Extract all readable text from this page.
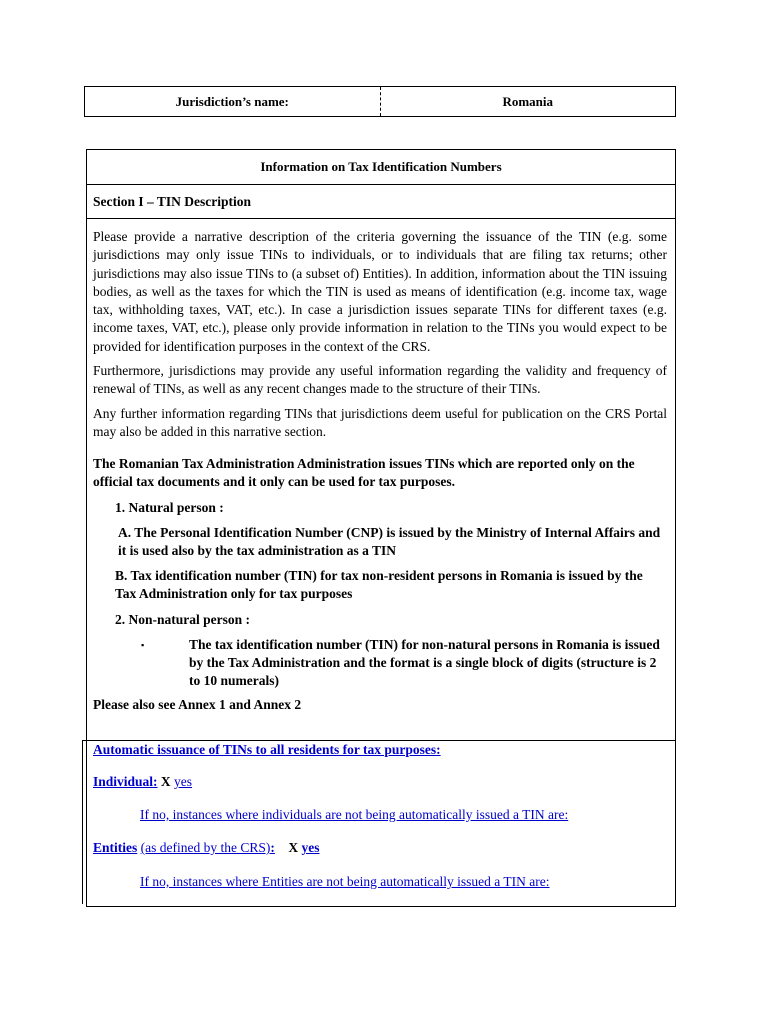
Jurisdiction’s name:	Romania
Information on Tax Identification Numbers
Section I – TIN Description

Please provide a narrative description of the criteria governing the issuance of the TIN (e.g. some jurisdictions may only issue TINs to individuals, or to individuals that are filing tax returns; other jurisdictions may also issue TINs to (a subset of) Entities). In addition, information about the TIN issuing bodies, as well as the taxes for which the TIN is used as means of identification (e.g. income tax, wage tax, withholding taxes, VAT, etc.). In case a jurisdiction issues separate TINs for different taxes (e.g. income taxes, VAT, etc.), please only provide information in relation to the TINs you would expect to be provided for identification purposes in the context of the CRS.

Furthermore, jurisdictions may provide any useful information regarding the validity and frequency of renewal of TINs, as well as any recent changes made to the structure of their TINs.

Any further information regarding TINs that jurisdictions deem useful for publication on the CRS Portal may also be added in this narrative section.

The Romanian Tax Administration Administration issues TINs which are reported only on the official tax documents and it only can be used for tax purposes.

1. Natural person :

A. The Personal Identification Number (CNP) is issued by the Ministry of Internal Affairs and it is used also by the tax administration as a TIN

B. Tax identification number (TIN) for tax non-resident persons in Romania is issued by the Tax Administration only for tax purposes

2. Non-natural person :

▪	The tax identification number (TIN) for non-natural persons in Romania is issued by the Tax Administration and the format is a single block of digits (structure is 2 to 10 numerals)

Please also see Annex 1 and Annex 2

Automatic issuance of TINs to all residents for tax purposes:
Individual: X yes
If no, instances where individuals are not being automatically issued a TIN are:
Entities (as defined by the CRS): X yes
If no, instances where Entities are not being automatically issued a TIN are:
